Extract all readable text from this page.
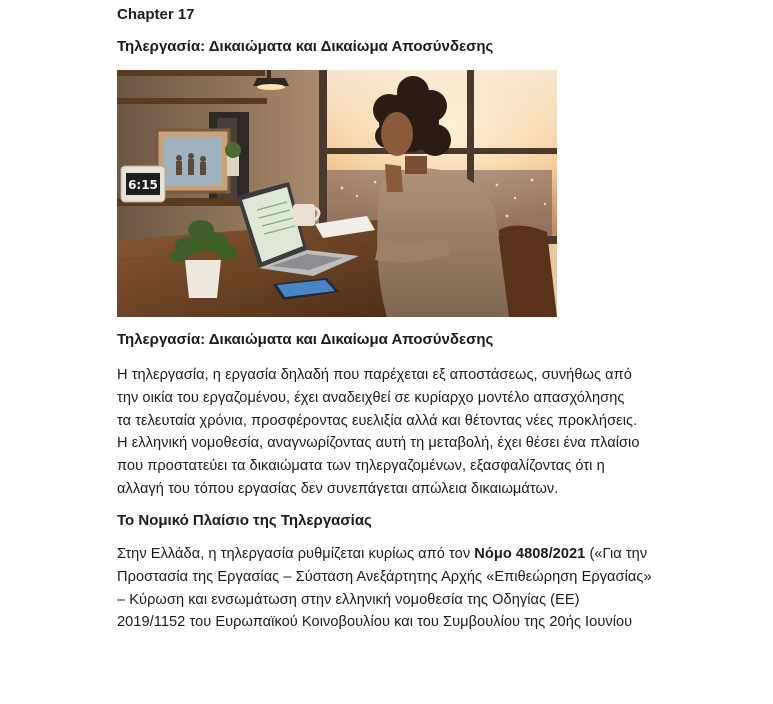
Chapter 17
Τηλεργασία: Δικαιώματα και Δικαίωμα Αποσύνδεσης
6:15
Τηλεργασία: Δικαιώματα και Δικαίωμα Αποσύνδεσης
Η τηλεργασία, η εργασία δηλαδή που παρέχεται εξ αποστάσεως, συνήθως από
την οικία του εργαζομένου, έχει αναδειχθεί σε κυρίαρχο μοντέλο απασχόλησης
τα τελευταία χρόνια, προσφέροντας ευελιξία αλλά και θέτοντας νέες προκλήσεις.
Η ελληνική νομοθεσία, αναγνωρίζοντας αυτή τη μεταβολή, έχει θέσει ένα πλαίσιο
που προστατεύει τα δικαιώματα των τηλεργαζομένων, εξασφαλίζοντας ότι η
αλλαγή του τόπου εργασίας δεν συνεπάγεται απώλεια δικαιωμάτων.
Το Νομικό Πλαίσιο της Τηλεργασίας
Στην Ελλάδα, η τηλεργασία ρυθμίζεται κυρίως από τον Νόμο 4808/2021 («Για την
Προστασία της Εργασίας – Σύσταση Ανεξάρτητης Αρχής «Επιθεώρηση Εργασίας»
– Κύρωση και ενσωμάτωση στην ελληνική νομοθεσία της Οδηγίας (ΕΕ)
2019/1152 του Ευρωπαϊκού Κοινοβουλίου και του Συμβουλίου της 20ής Ιουνίου
